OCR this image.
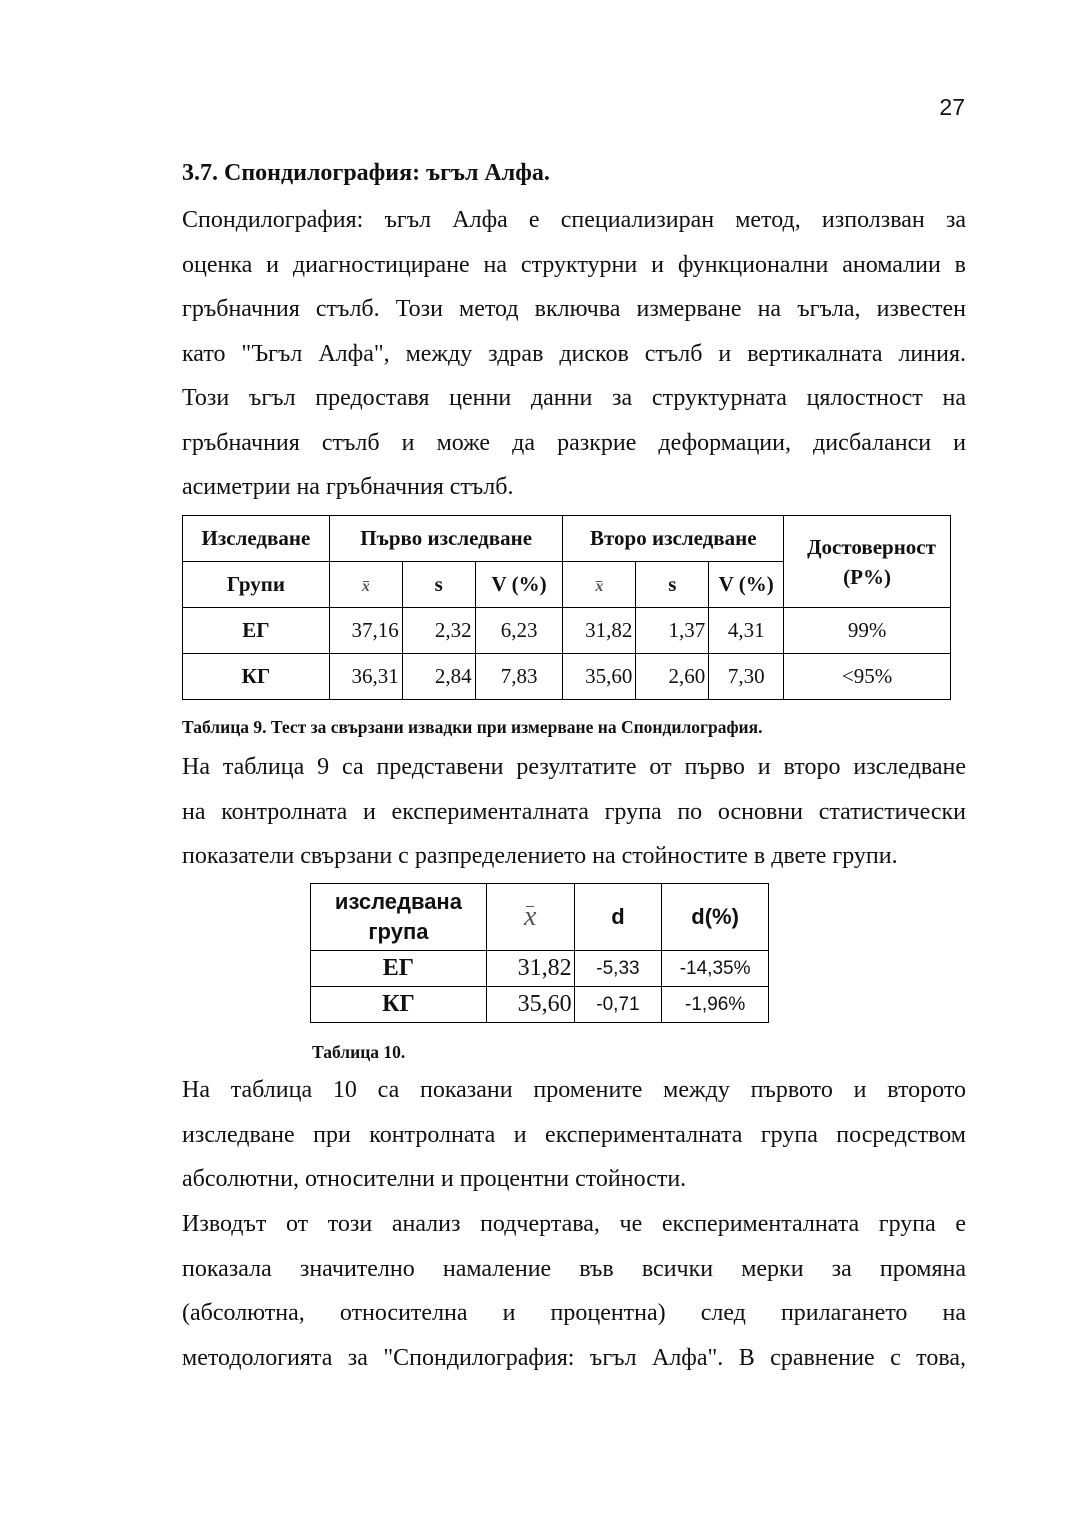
27
3.7. Спондилография: ъгъл Алфа.
Спондилография: ъгъл Алфа е специализиран метод, използван за
оценка и диагностициране на структурни и функционални аномалии в
гръбначния стълб. Този метод включва измерване на ъгъла, известен
като "Ъгъл Алфа", между здрав дисков стълб и вертикалната линия.
Този ъгъл предоставя ценни данни за структурната цялостност на
гръбначния стълб и може да разкрие деформации, дисбаланси и
асиметрии на гръбначния стълб.
Изследване	Първо изследване			Второ изследване			Достоверност (P%)

Групи	x	s	V (%)	x	s	V (%)	
ЕГ	37,16	2,32	6,23	31,82	1,37	4,31	99%
КГ	36,31	2,84	7,83	35,60	2,60	7,30	<95%
Таблица 9. Тест за свързани извадки при измерване на Спондилография.
На таблица 9 са представени резултатите от първо и второ изследване
на контролната и експерименталната група по основни статистически
показатели свързани с разпределението на стойностите в двете групи.
изследвана група	x	d	d(%)
ЕГ	31,82	-5,33	-14,35%
КГ	35,60	-0,71	-1,96%
Таблица 10.
На таблица 10 са показани промените между първото и второто
изследване при контролната и експерименталната група посредством
абсолютни, относителни и процентни стойности.
Изводът от този анализ подчертава, че експерименталната група е
показала значително намаление във всички мерки за промяна
(абсолютна, относителна и процентна) след прилагането на
методологията за "Спондилография: ъгъл Алфа". В сравнение с това,
